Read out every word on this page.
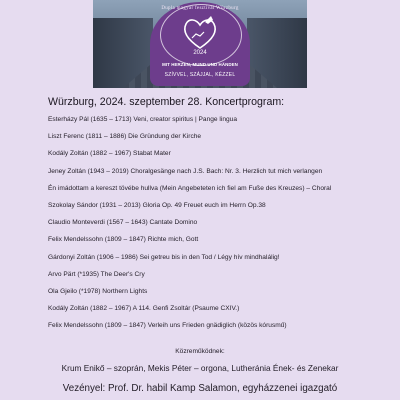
Dupla magyar fesztivál Würzburg
2024
MIT HERZEN, MUND UND HÄNDEN
SZÍVVEL, SZÁJJAL, KÉZZEL
Würzburg, 2024. szeptember 28. Koncertprogram:
Esterházy Pál (1635 – 1713) Veni, creator spiritus | Pange lingua
Liszt Ferenc (1811 – 1886) Die Gründung der Kirche
Kodály Zoltán (1882 – 1967) Stabat Mater
Jeney Zoltán (1943 – 2019) Choralgesänge nach J.S. Bach: Nr. 3. Herzlich tut mich verlangen
Én imádottam a kereszt tövébe hullva (Mein Angebeteten ich fiel am Fuße des Kreuzes) – Choral
Szokolay Sándor (1931 – 2013) Gloria Op. 49 Freuet euch im Herrn Op.38
Claudio Monteverdi (1567 – 1643) Cantate Domino
Felix Mendelssohn (1809 – 1847) Richte mich, Gott
Gárdonyi Zoltán (1906 – 1986) Sei getreu bis in den Tod / Légy hív mindhalálig!
Arvo Pärt (*1935) The Deer's Cry
Ola Gjeilo (*1978) Northern Lights
Kodály Zoltán (1882 – 1967) A 114. Genfi Zsoltár (Psaume CXIV.)
Felix Mendelssohn (1809 – 1847) Verleih uns Frieden gnädiglich (közös kórusmű)
Közreműködnek:
Krum Enikő – szoprán, Mekis Péter – orgona, Lutheránia Ének- és Zenekar
Vezényel: Prof. Dr. habil Kamp Salamon, egyházzenei igazgató
